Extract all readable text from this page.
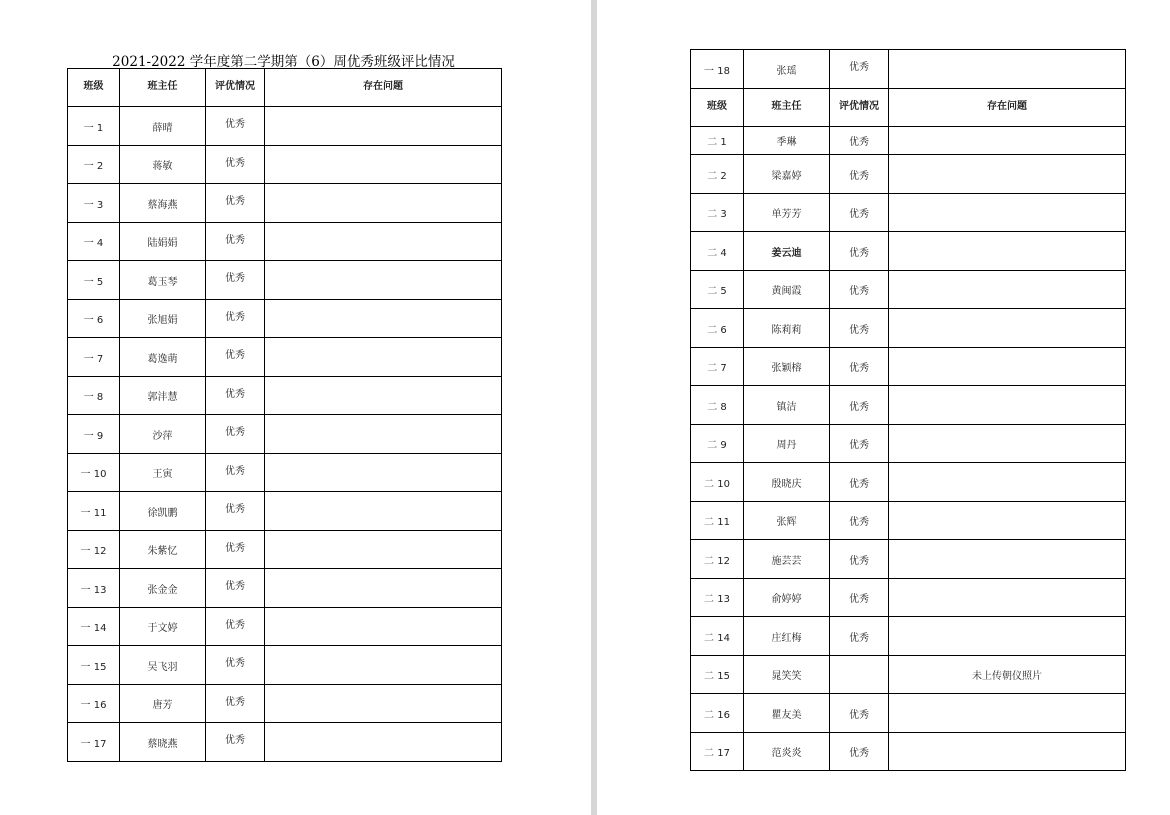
2021-2022 学年度第二学期第（6）周优秀班级评比情况
班级	班主任	评优情况	存在问题
一 1	薛晴	优秀	
一 2	蒋敏	优秀	
一 3	蔡海燕	优秀	
一 4	陆娟娟	优秀	
一 5	葛玉琴	优秀	
一 6	张旭娟	优秀	
一 7	葛逸萌	优秀	
一 8	郭沣慧	优秀	
一 9	沙萍	优秀	
一 10	王寅	优秀	
一 11	徐凯鹏	优秀	
一 12	朱紫忆	优秀	
一 13	张金金	优秀	
一 14	于文婷	优秀	
一 15	吴飞羽	优秀	
一 16	唐芳	优秀	
一 17	蔡晓燕	优秀	
一 18	张瑶	优秀	
班级	班主任	评优情况	存在问题
二 1	季琳	优秀	
二 2	梁嘉婷	优秀	
二 3	单芳芳	优秀	
二 4	姜云迪	优秀	
二 5	黄闽霞	优秀	
二 6	陈莉莉	优秀	
二 7	张颖榕	优秀	
二 8	镇洁	优秀	
二 9	周丹	优秀	
二 10	殷晓庆	优秀	
二 11	张辉	优秀	
二 12	施芸芸	优秀	
二 13	俞婷婷	优秀	
二 14	庄红梅	优秀	
二 15	晁笑笑		未上传朝仪照片
二 16	瞿友美	优秀	
二 17	范炎炎	优秀	
